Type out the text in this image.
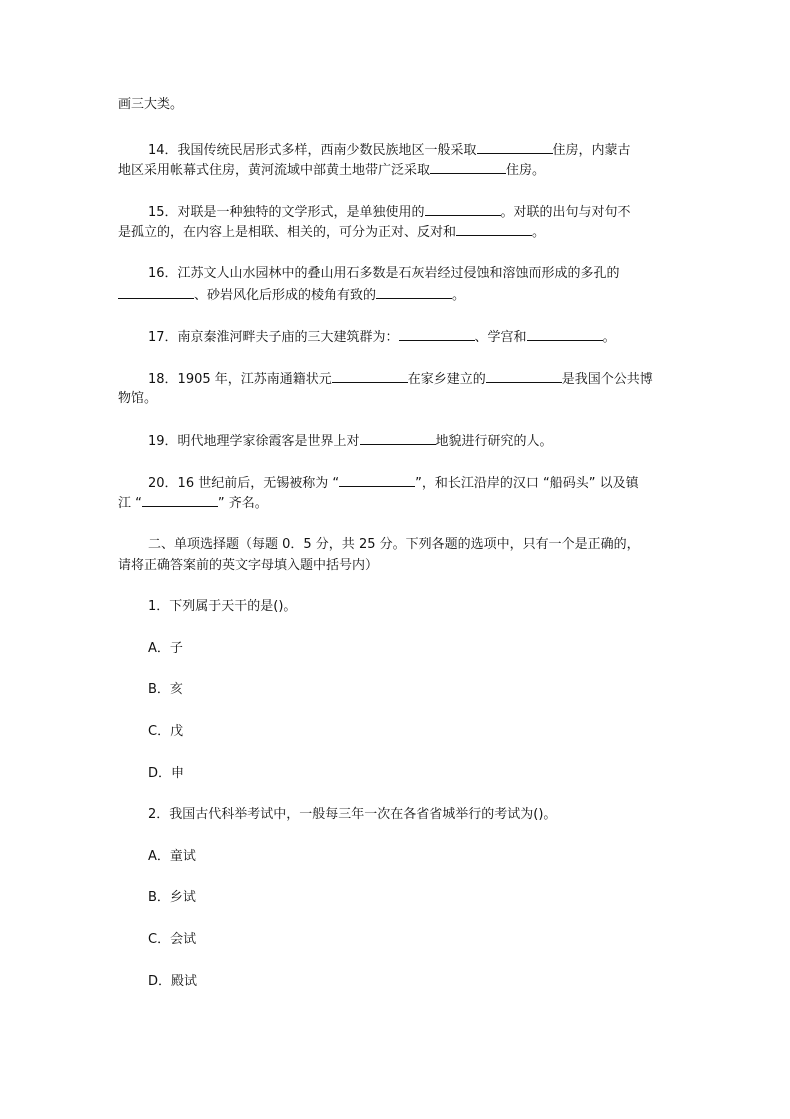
画三大类。
14．我国传统民居形式多样，西南少数民族地区一般采取	住房，内蒙古
地区采用帐幕式住房，黄河流域中部黄土地带广泛采取	住房。
15．对联是一种独特的文学形式，是单独使用的	。对联的出句与对句不
是孤立的，在内容上是相联、相关的，可分为正对、反对和	。
16．江苏文人山水园林中的叠山用石多数是石灰岩经过侵蚀和溶蚀而形成的多孔的
、砂岩风化后形成的棱角有致的	。
17．南京秦淮河畔夫子庙的三大建筑群为：	、学宫和	。
18．1905 年，江苏南通籍状元	在家乡建立的	是我国个公共博
物馆。
19．明代地理学家徐霞客是世界上对	地貌进行研究的人。
20．16 世纪前后，无锡被称为 “	”，和长江沿岸的汉口 “船码头” 以及镇
江 “	” 齐名。
二、单项选择题（每题 0．5 分，共 25 分。下列各题的选项中，只有一个是正确的，
请将正确答案前的英文字母填入题中括号内）
1．下列属于天干的是()。
A．子
B．亥
C．戊
D．申
2．我国古代科举考试中，一般每三年一次在各省省城举行的考试为()。
A．童试
B．乡试
C．会试
D．殿试
